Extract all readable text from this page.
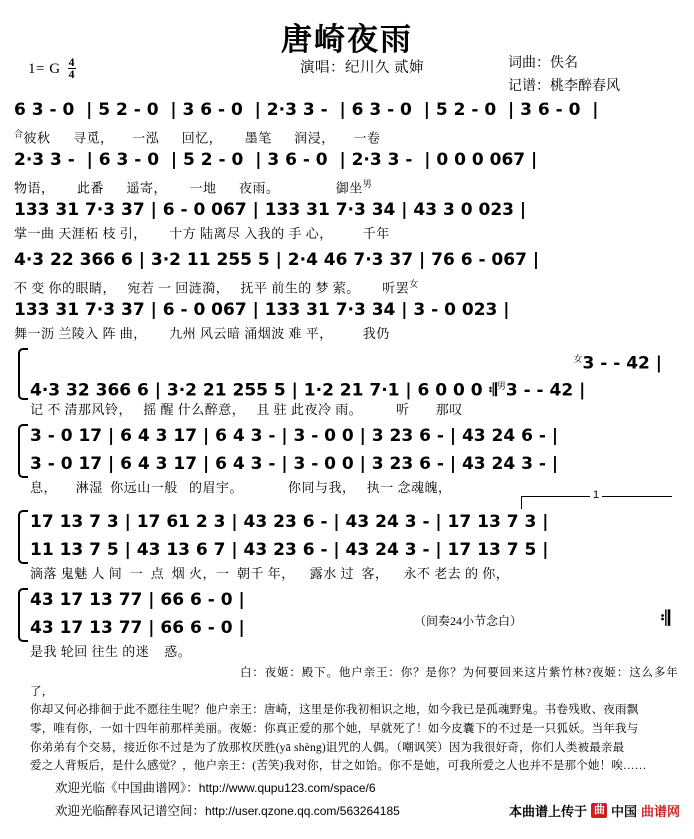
唐崎夜雨
1= G $\frac{4}{4}$	演唱：纪川久 贰婶	词曲：佚名
记谱：桃李醉春风
6 3 - 0  | 5 2 - 0  | 3 6 - 0  | 2·3 3 -  | 6 3 - 0  | 5 2 - 0  | 3 6 - 0  |
$^合$彼秋      寻觅，     一泓      回忆，      墨笔      润浸，     一卷
2·3 3 -  | 6 3 - 0  | 5 2 - 0  | 3 6 - 0  | 2·3 3 -  | 0 0 0 067 |
物语，      此番      遥寄，      一地      夜雨。               御坐$^男$
133 31 7·3 37 | 6 - 0 067 | 133 31 7·3 34 | 43 3 0 023 |
掌一曲 天涯柘 枝 引，      十方 陆离尽 入我的 手 心，        千年
4·3 22 366 6 | 3·2 11 255 5 | 2·4 46 7·3 37 | 76 6 - 067 |
不 变 你的眼睛，   宛若 一 回涟漪，   抚平 前生的 梦 萦。      听罢$^女$
133 31 7·3 37 | 6 - 0 067 | 133 31 7·3 34 | 3 - 0 023 |
舞一沥 兰陵入 阵 曲，      九州 风云暗 涌烟波 难 平，        我仍
$^女$3 - - 42 |
4·3 32 366 6 | 3·2 21 255 5 | 1·2 21 7·1 | 6 0 0 0 𝄇$^男$3 - - 42 |
记 不 清那风铃，   摇 醒 什么醉意，   且 驻 此夜冷 雨。         听       那叹
3 - 0 17 | 6 4 3 17 | 6 4 3 - | 3 - 0 0 | 3 23 6 - | 43 24 6 - |
3 - 0 17 | 6 4 3 17 | 6 4 3 - | 3 - 0 0 | 3 23 6 - | 43 24 3 - |
息，     淋湿  你远山一般   的眉宇。            你同与我，   执一 念魂魄，	1
17 13 7 3 | 17 61 2 3 | 43 23 6 - | 43 24 3 - | 17 13 7 3 |
11 13 7 5 | 43 13 6 7 | 43 23 6 - | 43 24 3 - | 17 13 7 5 |
滴落 鬼魅 人 间  一  点  烟 火，一  朝千 年，    露水 过  客，    永不 老去 的 你，
43 17 13 77 | 66 6 - 0 |
43 17 13 77 | 66 6 - 0 |	（间奏24小节念白）	𝄇
是我 轮回 往生 的迷    惑。
白：夜姬：殿下。他户亲王：你？是你？为何要回来这片紫竹林?夜姬：这么多年了，
你却又何必排徊于此不愿往生呢？他户亲王：唐崎，这里是你我初相识之地，如今我已是孤魂野鬼。书卷残败、夜雨飘
零，唯有你，一如十四年前那样美丽。夜姬：你真正爱的那个她，早就死了！如今皮囊下的不过是一只狐妖。当年我与
你弟弟有个交易，接近你不过是为了放那枚厌胜(yā shèng)诅咒的人偶。（嘲讽笑）因为我很好奇，你们人类被最亲最
爱之人背叛后，是什么感觉？，他户亲王：(苦笑)我对你，甘之如饴。你不是她，可我所爱之人也并不是那个她！唉……
欢迎光临《中国曲谱网》：http://www.qupu123.com/space/6
欢迎光临醉春风记谱空间：http://user.qzone.qq.com/563264185	本曲谱上传于 曲 中国 曲谱网
